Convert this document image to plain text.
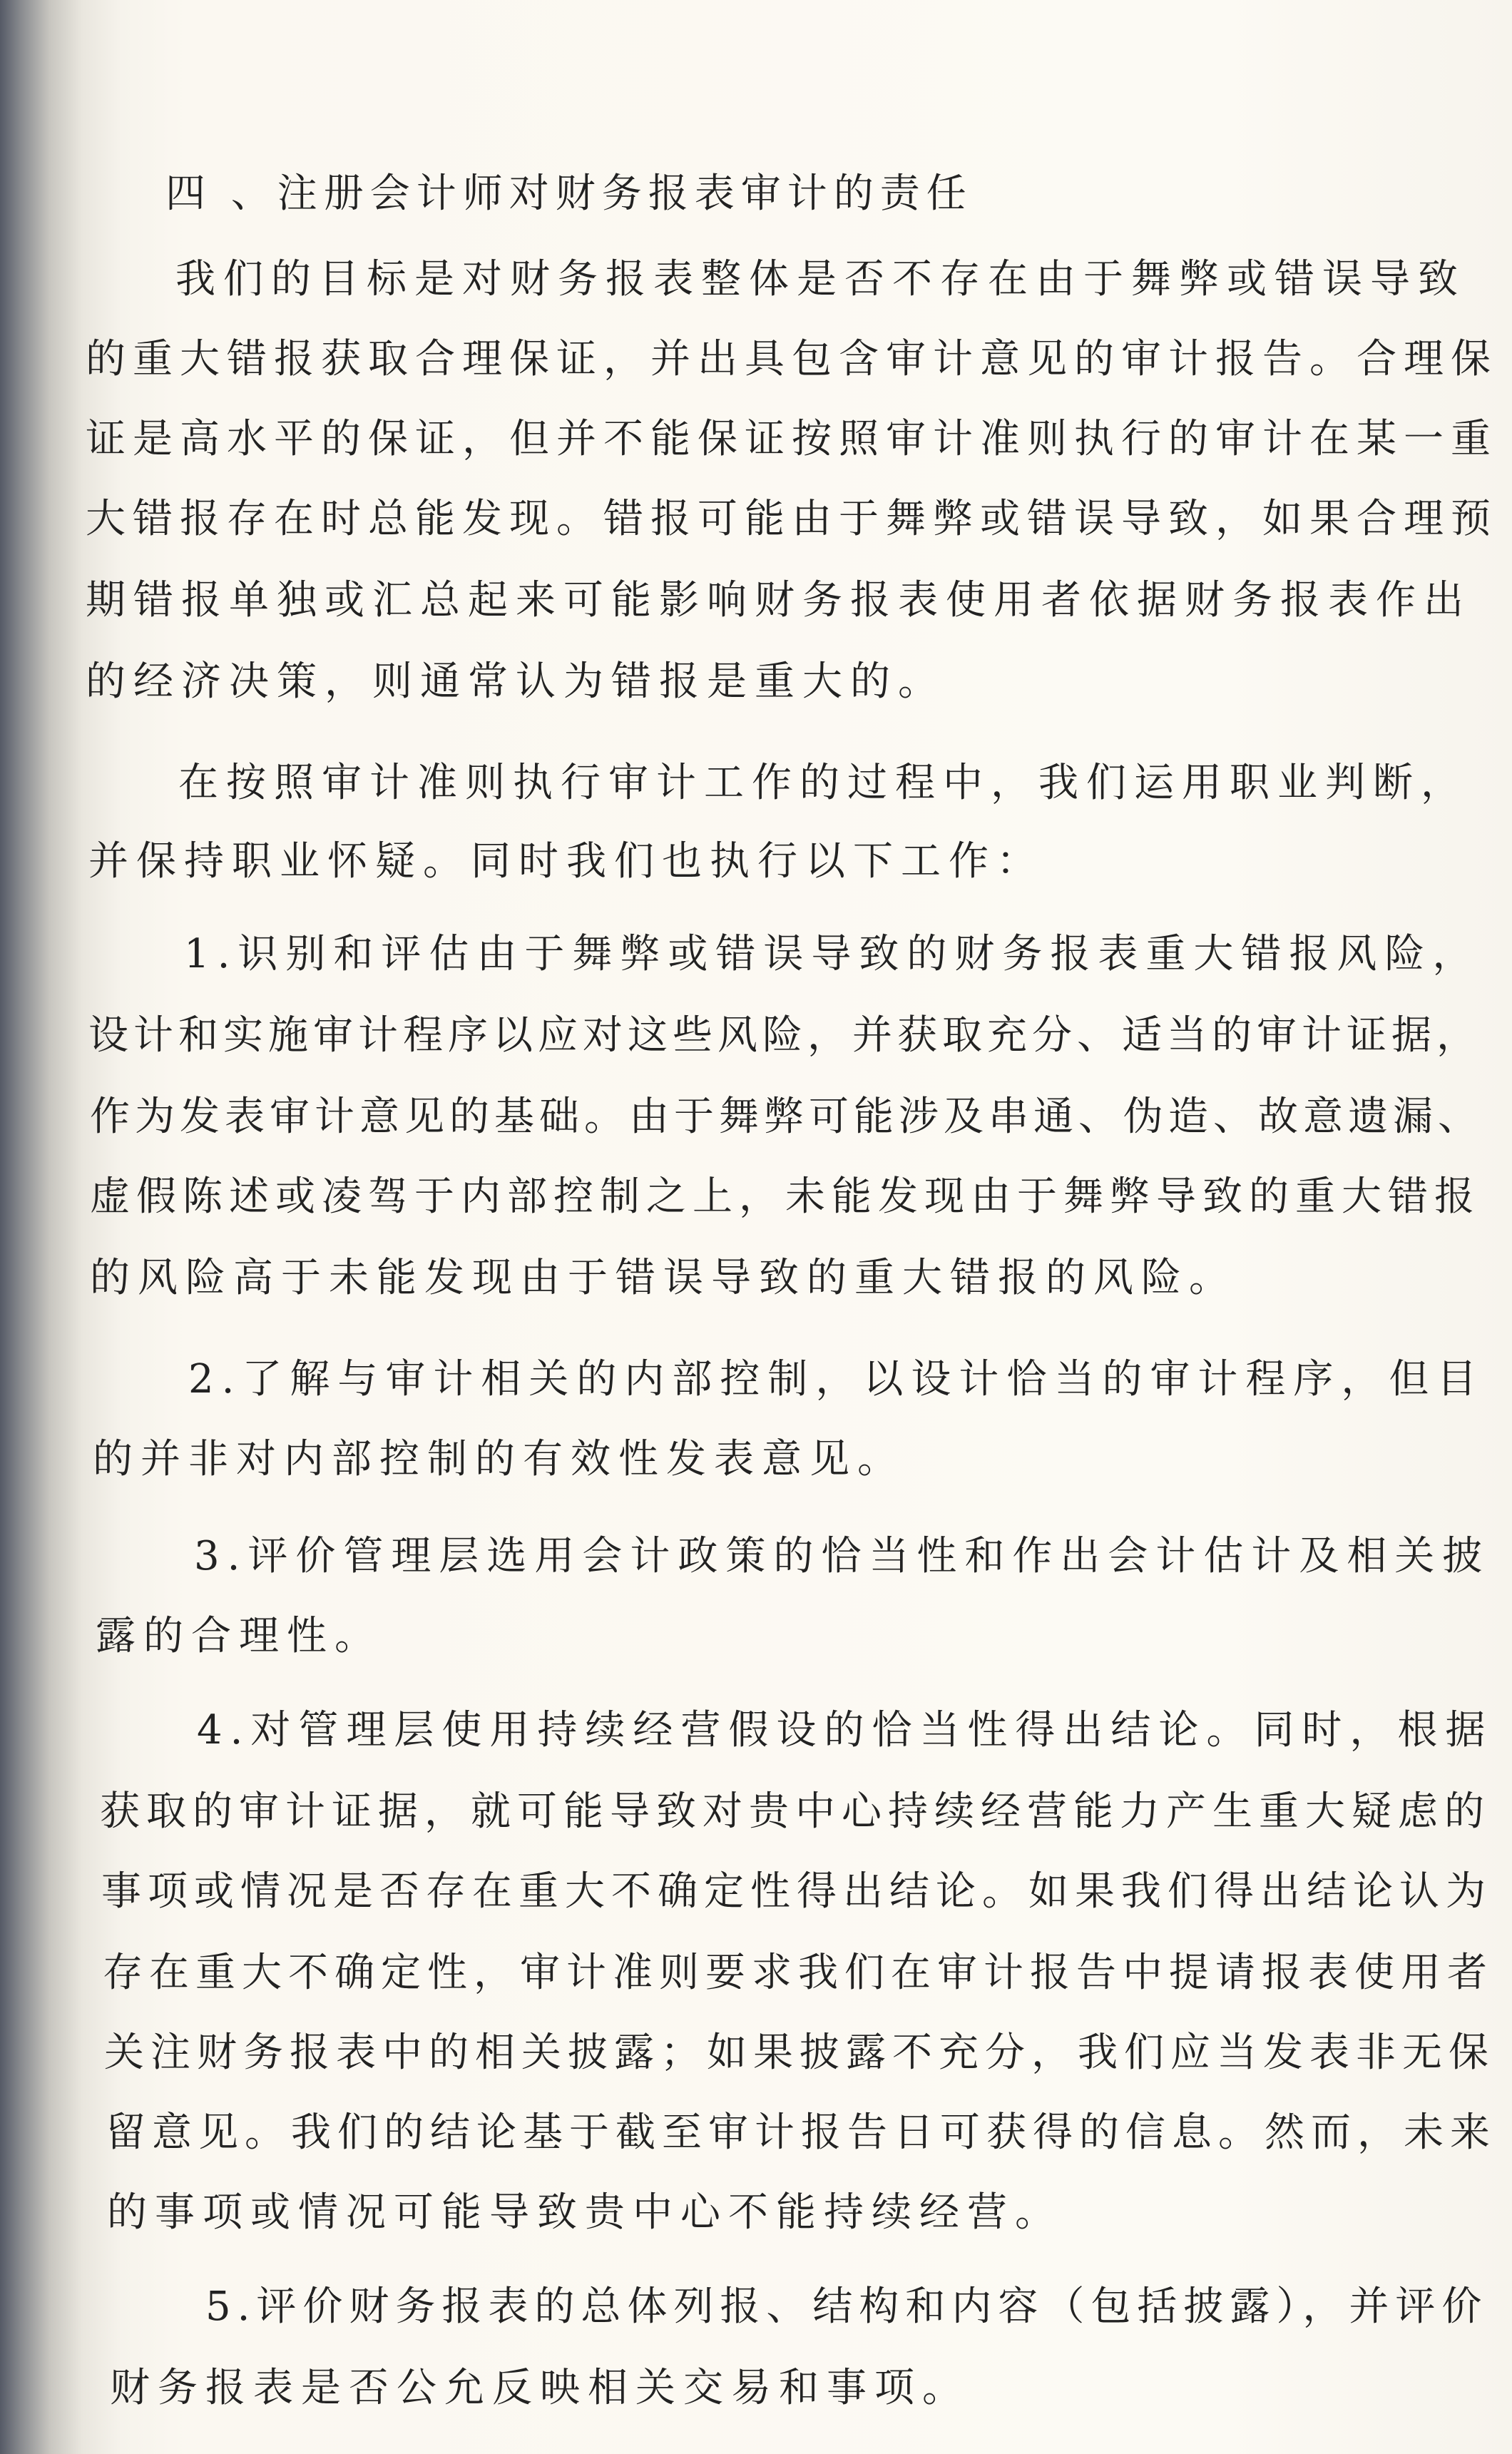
四 、注册会计师对财务报表审计的责任
我们的目标是对财务报表整体是否不存在由于舞弊或错误导致
的重大错报获取合理保证，并出具包含审计意见的审计报告。合理保
证是高水平的保证，但并不能保证按照审计准则执行的审计在某一重
大错报存在时总能发现。错报可能由于舞弊或错误导致，如果合理预
期错报单独或汇总起来可能影响财务报表使用者依据财务报表作出
的经济决策，则通常认为错报是重大的。
在按照审计准则执行审计工作的过程中，我们运用职业判断，
并保持职业怀疑。同时我们也执行以下工作：
1.识别和评估由于舞弊或错误导致的财务报表重大错报风险，
设计和实施审计程序以应对这些风险，并获取充分、适当的审计证据，
作为发表审计意见的基础。由于舞弊可能涉及串通、伪造、故意遗漏、
虚假陈述或凌驾于内部控制之上，未能发现由于舞弊导致的重大错报
的风险高于未能发现由于错误导致的重大错报的风险。
2.了解与审计相关的内部控制，以设计恰当的审计程序，但目
的并非对内部控制的有效性发表意见。
3.评价管理层选用会计政策的恰当性和作出会计估计及相关披
露的合理性。
4.对管理层使用持续经营假设的恰当性得出结论。同时，根据
获取的审计证据，就可能导致对贵中心持续经营能力产生重大疑虑的
事项或情况是否存在重大不确定性得出结论。如果我们得出结论认为
存在重大不确定性，审计准则要求我们在审计报告中提请报表使用者
关注财务报表中的相关披露；如果披露不充分，我们应当发表非无保
留意见。我们的结论基于截至审计报告日可获得的信息。然而，未来
的事项或情况可能导致贵中心不能持续经营。
5.评价财务报表的总体列报、结构和内容（包括披露），并评价
财务报表是否公允反映相关交易和事项。
